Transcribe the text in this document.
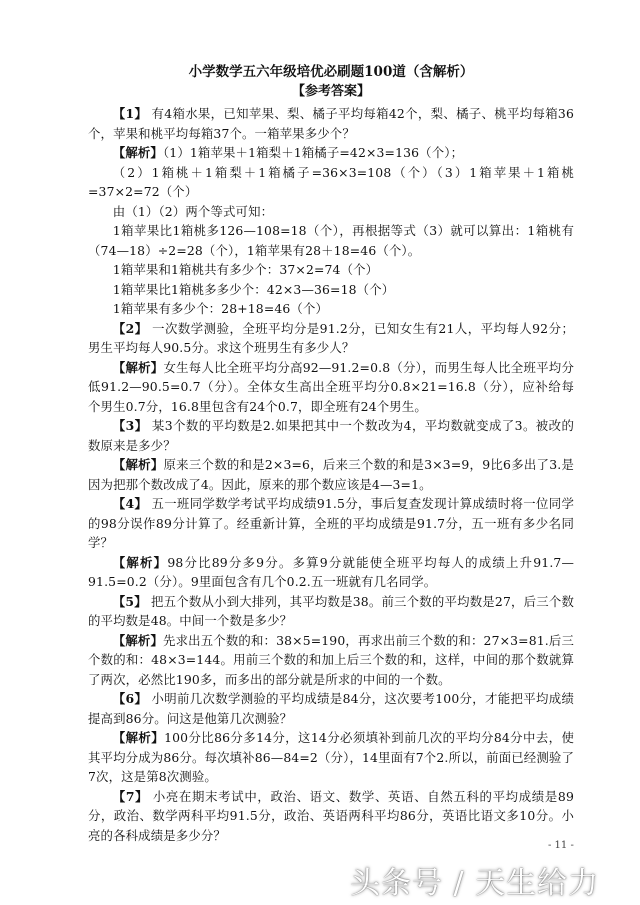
小学数学五六年级培优必刷题100道（含解析）

【参考答案】

【1】 有4箱水果，已知苹果、梨、橘子平均每箱42个，梨、橘子、桃平均每箱36个，苹果和桃平均每箱37个。一箱苹果多少个？

【解析】（1）1箱苹果＋1箱梨＋1箱橘子=42×3=136（个）；

（2）1箱桃＋1箱梨＋1箱橘子=36×3=108（个）（3）1箱苹果＋1箱桃=37×2=72（个）

由（1）（2）两个等式可知：

1箱苹果比1箱桃多126—108=18（个），再根据等式（3）就可以算出：1箱桃有（74—18）÷2=28（个），1箱苹果有28＋18=46（个）。

1箱苹果和1箱桃共有多少个：37×2=74（个）

1箱苹果比1箱桃多多少个：42×3—36=18（个）

1箱苹果有多少个：28+18=46（个）

【2】 一次数学测验，全班平均分是91.2分，已知女生有21人，平均每人92分；男生平均每人90.5分。求这个班男生有多少人？

【解析】女生每人比全班平均分高92—91.2=0.8（分），而男生每人比全班平均分低91.2—90.5=0.7（分）。全体女生高出全班平均分0.8×21=16.8（分），应补给每个男生0.7分，16.8里包含有24个0.7，即全班有24个男生。

【3】 某3个数的平均数是2.如果把其中一个数改为4，平均数就变成了3。被改的数原来是多少？

【解析】原来三个数的和是2×3=6，后来三个数的和是3×3=9，9比6多出了3.是因为把那个数改成了4。因此，原来的那个数应该是4—3=1。

【4】 五一班同学数学考试平均成绩91.5分，事后复查发现计算成绩时将一位同学的98分误作89分计算了。经重新计算，全班的平均成绩是91.7分，五一班有多少名同学？

【解析】98分比89分多9分。多算9分就能使全班平均每人的成绩上升91.7—91.5=0.2（分）。9里面包含有几个0.2.五一班就有几名同学。

【5】 把五个数从小到大排列，其平均数是38。前三个数的平均数是27，后三个数的平均数是48。中间一个数是多少？

【解析】先求出五个数的和：38×5=190，再求出前三个数的和：27×3=81.后三个数的和：48×3=144。用前三个数的和加上后三个数的和，这样，中间的那个数就算了两次，必然比190多，而多出的部分就是所求的中间的一个数。

【6】 小明前几次数学测验的平均成绩是84分，这次要考100分，才能把平均成绩提高到86分。问这是他第几次测验？

【解析】100分比86分多14分，这14分必须填补到前几次的平均分84分中去，使其平均分成为86分。每次填补86—84=2（分），14里面有7个2.所以，前面已经测验了7次，这是第8次测验。

【7】 小亮在期末考试中，政治、语文、数学、英语、自然五科的平均成绩是89分，政治、数学两科平均91.5分，政治、英语两科平均86分，英语比语文多10分。小亮的各科成绩是多少分？

- 11 -
头条号 / 天生给力
